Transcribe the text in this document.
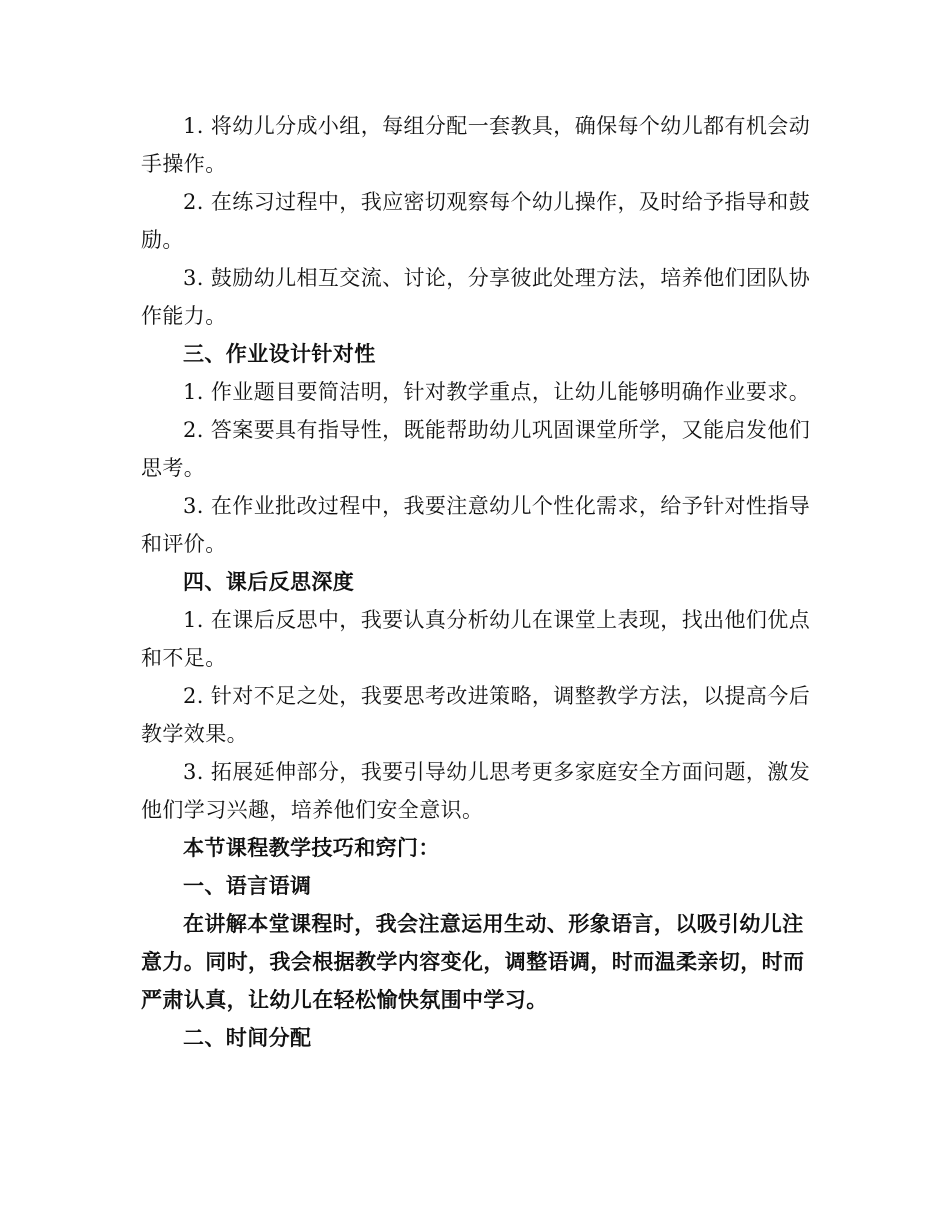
1. 将幼儿分成小组，每组分配一套教具，确保每个幼儿都有机会动手操作。

2. 在练习过程中，我应密切观察每个幼儿操作，及时给予指导和鼓励。

3. 鼓励幼儿相互交流、讨论，分享彼此处理方法，培养他们团队协作能力。

三、作业设计针对性

1. 作业题目要简洁明，针对教学重点，让幼儿能够明确作业要求。

2. 答案要具有指导性，既能帮助幼儿巩固课堂所学，又能启发他们思考。

3. 在作业批改过程中，我要注意幼儿个性化需求，给予针对性指导和评价。

四、课后反思深度

1. 在课后反思中，我要认真分析幼儿在课堂上表现，找出他们优点和不足。

2. 针对不足之处，我要思考改进策略，调整教学方法，以提高今后教学效果。

3. 拓展延伸部分，我要引导幼儿思考更多家庭安全方面问题，激发他们学习兴趣，培养他们安全意识。

本节课程教学技巧和窍门：

一、语言语调

在讲解本堂课程时，我会注意运用生动、形象语言，以吸引幼儿注意力。同时，我会根据教学内容变化，调整语调，时而温柔亲切，时而严肃认真，让幼儿在轻松愉快氛围中学习。

二、时间分配
